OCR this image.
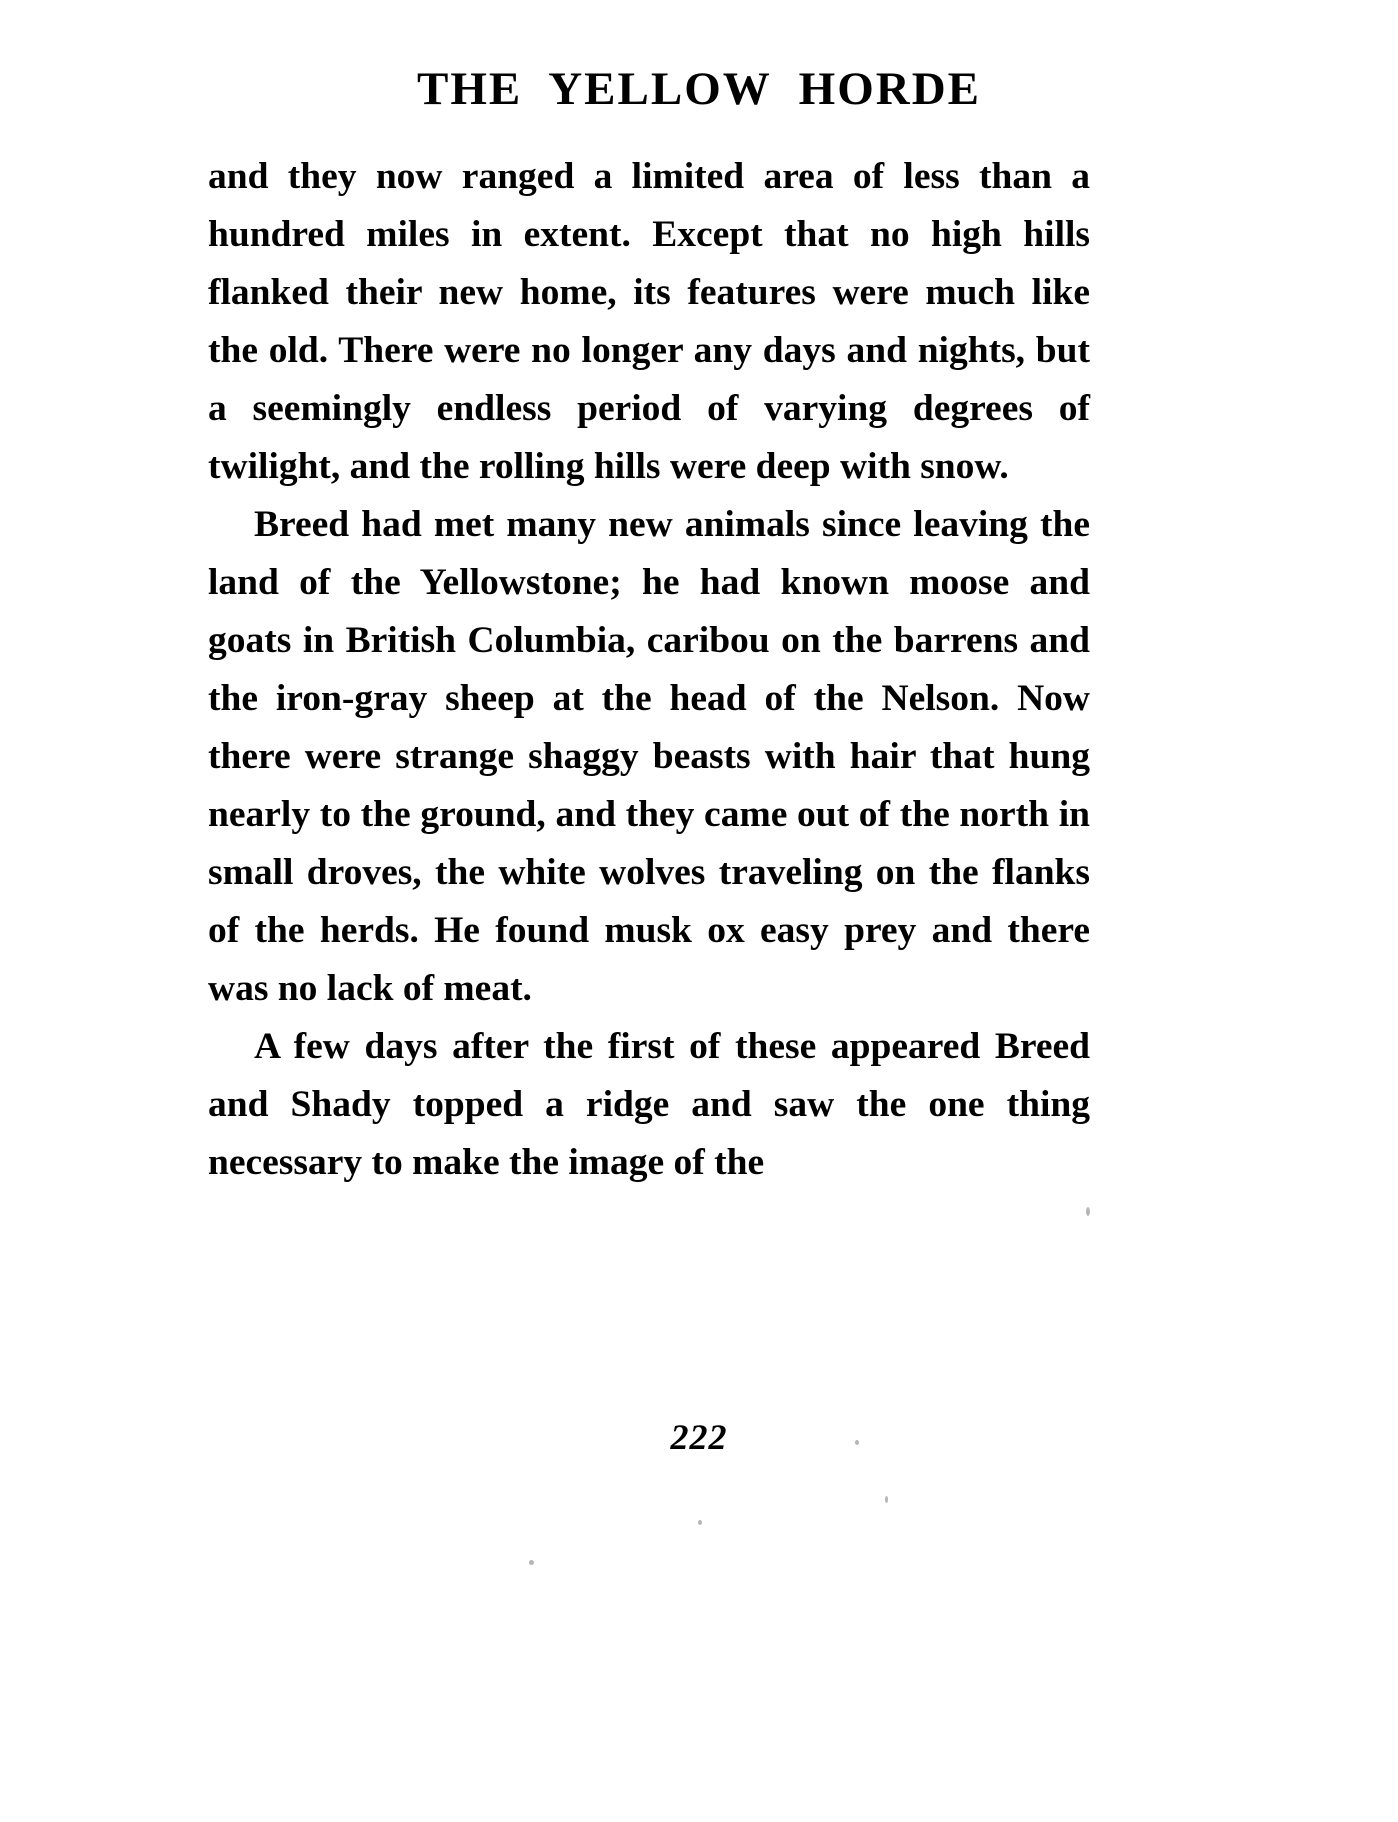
THE YELLOW HORDE

and they now ranged a limited area of less than a hundred miles in extent. Except that no high hills flanked their new home, its features were much like the old. There were no longer any days and nights, but a seemingly endless period of varying degrees of twilight, and the rolling hills were deep with snow.

Breed had met many new animals since leaving the land of the Yellowstone; he had known moose and goats in British Columbia, caribou on the barrens and the iron-gray sheep at the head of the Nelson. Now there were strange shaggy beasts with hair that hung nearly to the ground, and they came out of the north in small droves, the white wolves traveling on the flanks of the herds. He found musk ox easy prey and there was no lack of meat.

A few days after the first of these appeared Breed and Shady topped a ridge and saw the one thing necessary to make the image of the

222
